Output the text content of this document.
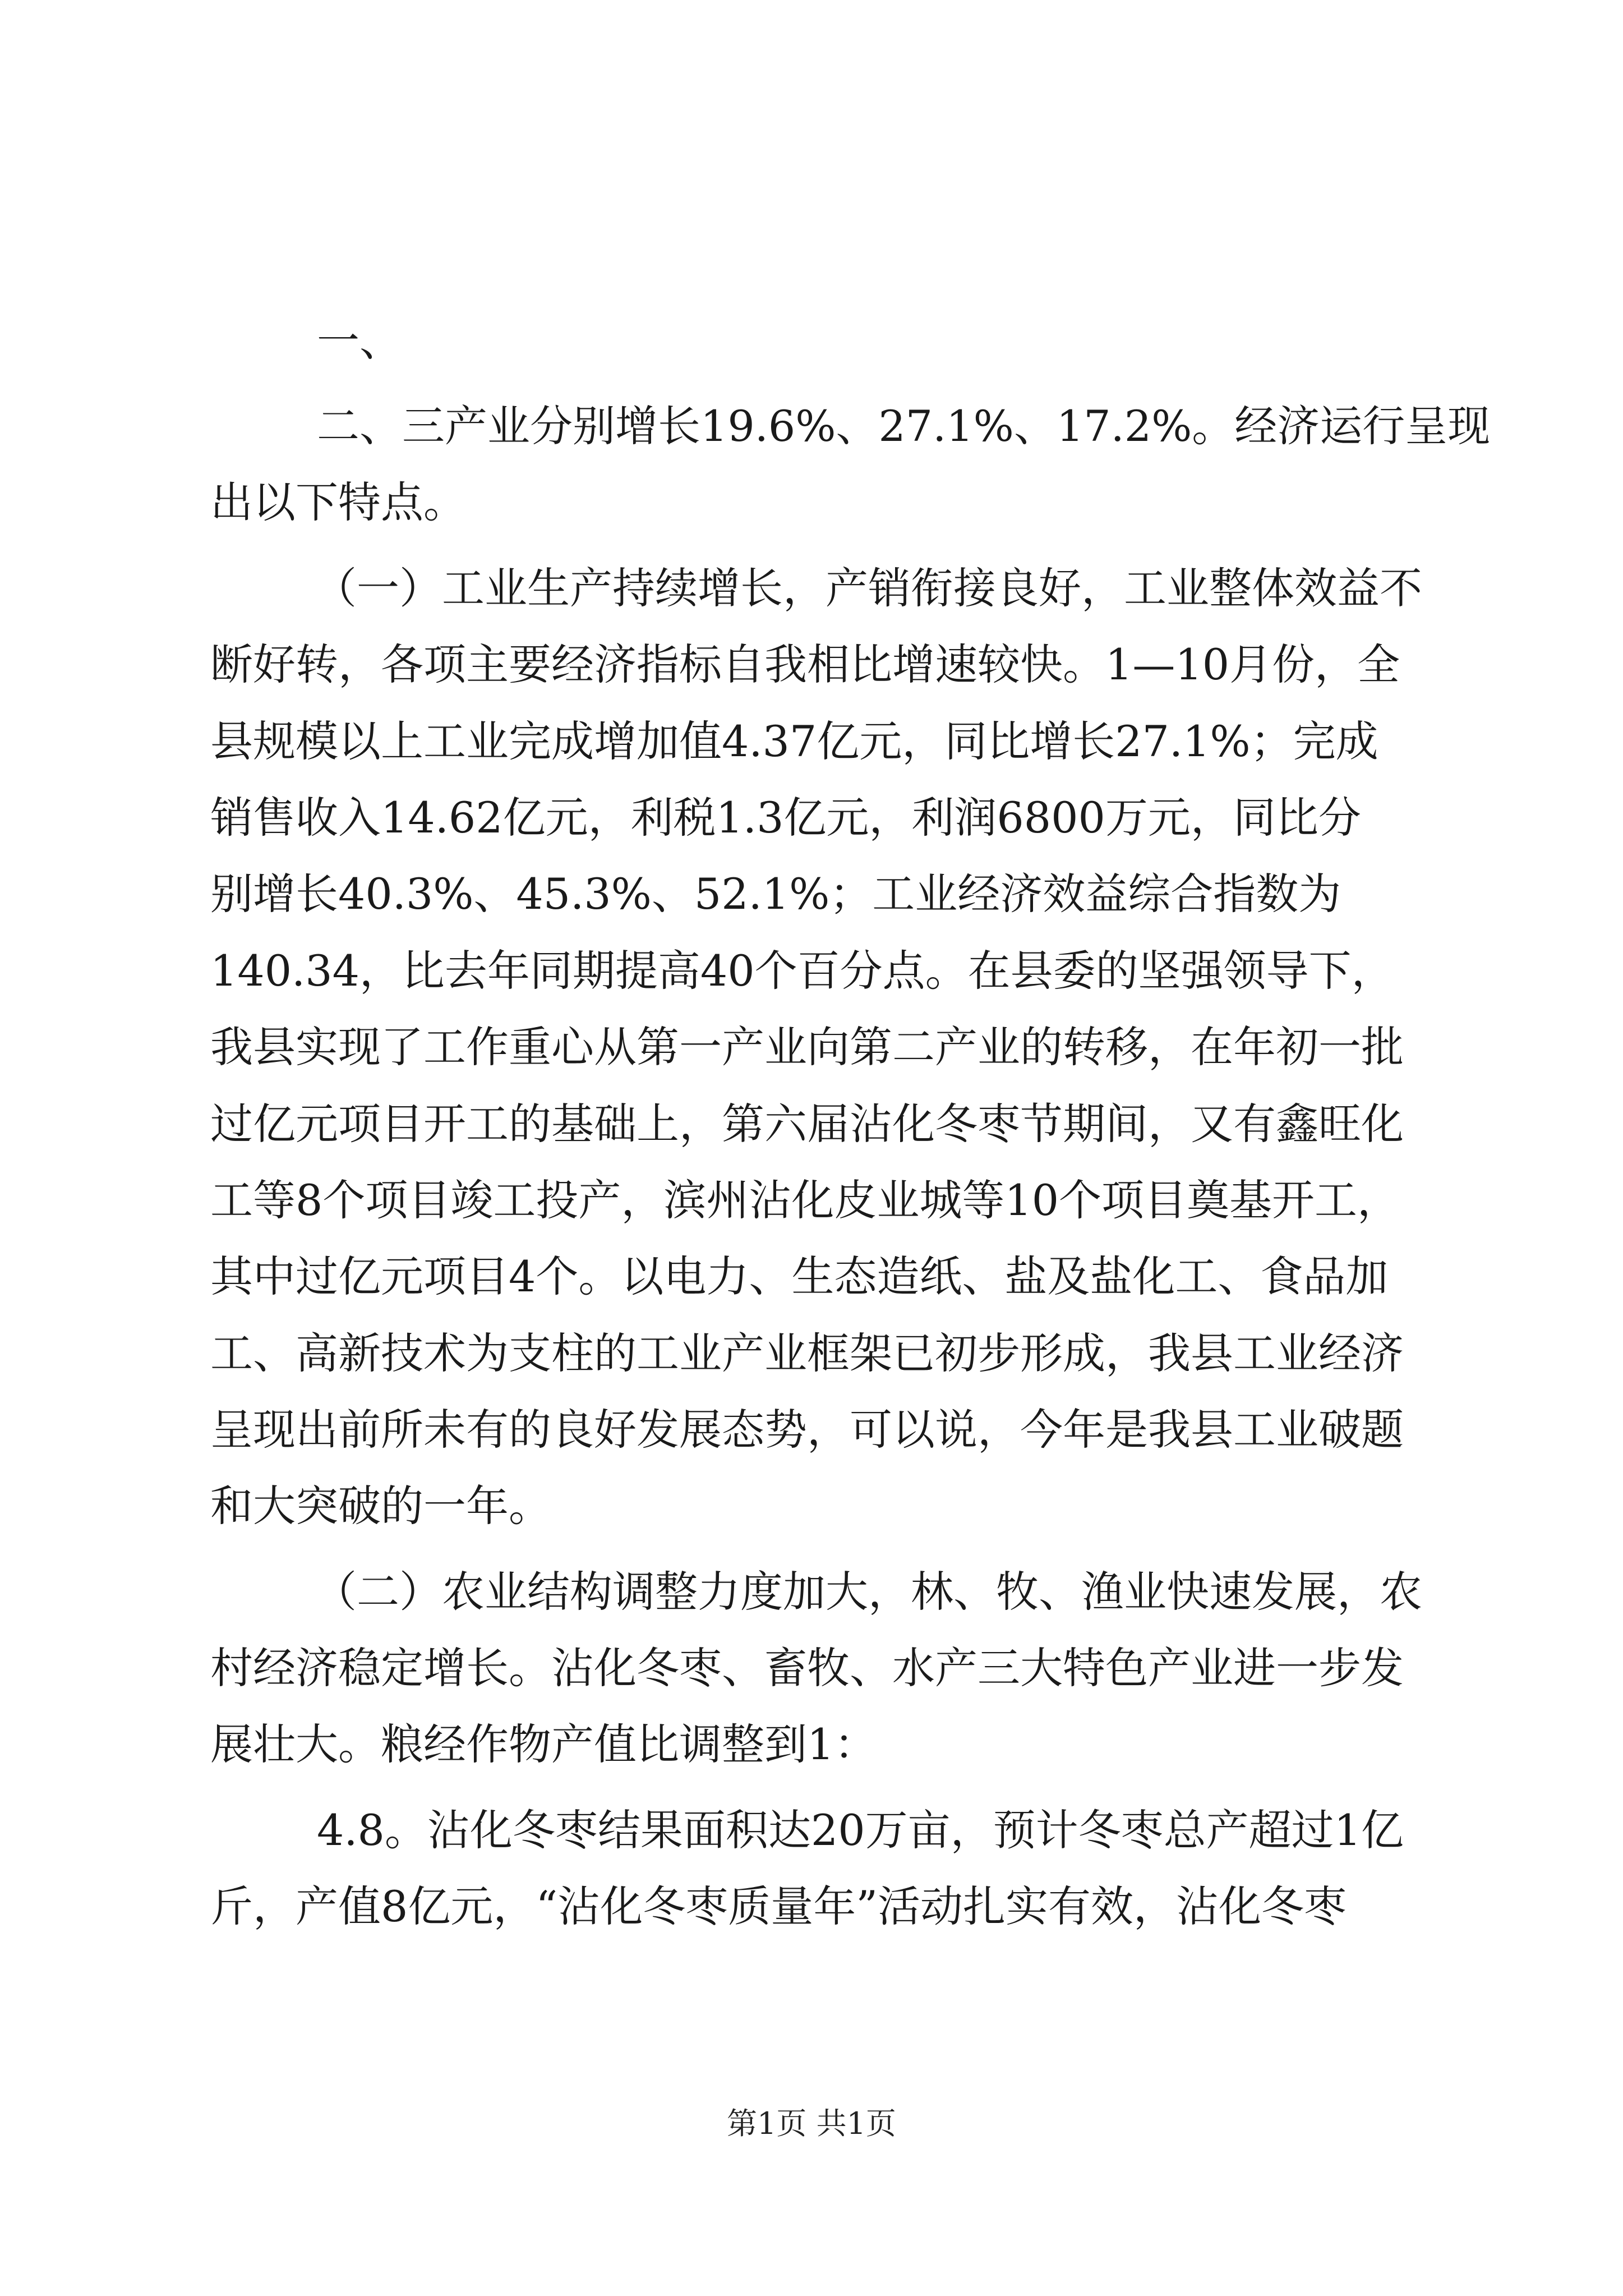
一、
二、三产业分别增长19.6%、27.1%、17.2%。经济运行呈现
出以下特点。
（一）工业生产持续增长，产销衔接良好，工业整体效益不
断好转，各项主要经济指标自我相比增速较快。1—10月份，全
县规模以上工业完成增加值4.37亿元，同比增长27.1%；完成
销售收入14.62亿元，利税1.3亿元，利润6800万元，同比分
别增长40.3%、45.3%、52.1%；工业经济效益综合指数为
140.34，比去年同期提高40个百分点。在县委的坚强领导下，
我县实现了工作重心从第一产业向第二产业的转移，在年初一批
过亿元项目开工的基础上，第六届沾化冬枣节期间，又有鑫旺化
工等8个项目竣工投产，滨州沾化皮业城等10个项目奠基开工，
其中过亿元项目4个。以电力、生态造纸、盐及盐化工、食品加
工、高新技术为支柱的工业产业框架已初步形成，我县工业经济
呈现出前所未有的良好发展态势，可以说，今年是我县工业破题
和大突破的一年。
（二）农业结构调整力度加大，林、牧、渔业快速发展，农
村经济稳定增长。沾化冬枣、畜牧、水产三大特色产业进一步发
展壮大。粮经作物产值比调整到1：
4.8。沾化冬枣结果面积达20万亩，预计冬枣总产超过1亿
斤，产值8亿元，“沾化冬枣质量年”活动扎实有效，沾化冬枣
第1页 共1页
